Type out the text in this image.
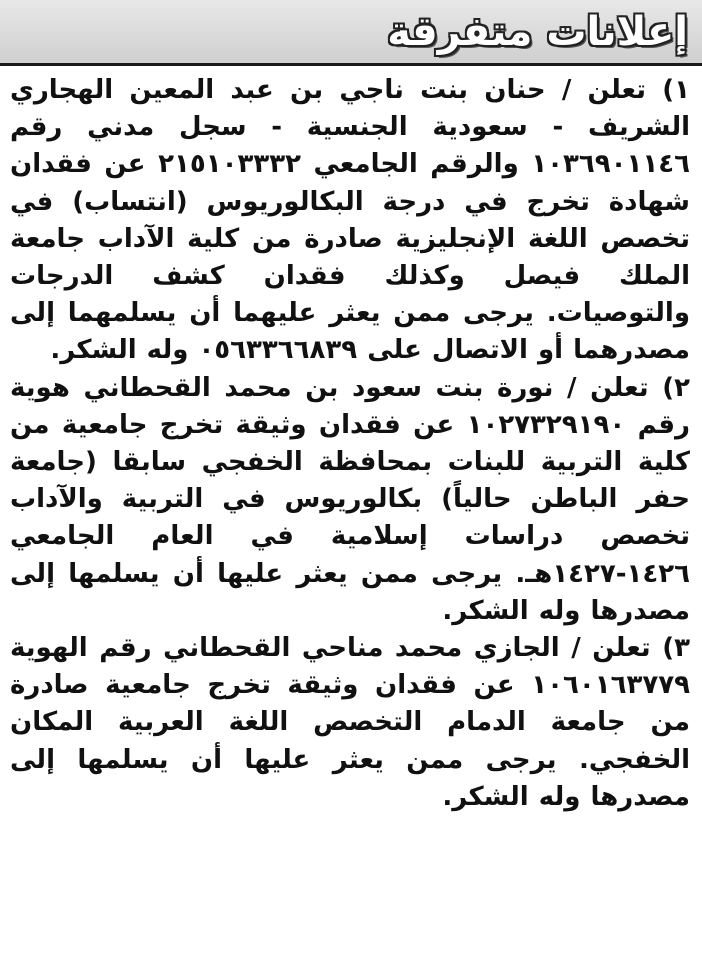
إعلانات متفرقة

١) تعلن / حنان بنت ناجي بن عبد المعين الهجاري الشريف - سعودية الجنسية - سجل مدني رقم ١٠٣٦٩٠١١٤٦ والرقم الجامعي ٢١٥١٠٣٣٣٢ عن فقدان شهادة تخرج في درجة البكالوريوس (انتساب) في تخصص اللغة الإنجليزية صادرة من كلية الآداب جامعة الملك فيصل وكذلك فقدان كشف الدرجات والتوصيات. يرجى ممن يعثر عليهما أن يسلمهما إلى مصدرهما أو الاتصال على ٠٥٦٣٣٦٦٨٣٩ وله الشكر.

٢) تعلن / نورة بنت سعود بن محمد القحطاني هوية رقم ١٠٢٧٣٢٩١٩٠ عن فقدان وثيقة تخرج جامعية من كلية التربية للبنات بمحافظة الخفجي سابقا (جامعة حفر الباطن حالياً) بكالوريوس في التربية والآداب تخصص دراسات إسلامية في العام الجامعي ١٤٢٦-١٤٢٧هـ. يرجى ممن يعثر عليها أن يسلمها إلى مصدرها وله الشكر.

٣) تعلن / الجازي محمد مناحي القحطاني رقم الهوية ١٠٦٠١٦٣٧٧٩ عن فقدان وثيقة تخرج جامعية صادرة من جامعة الدمام التخصص اللغة العربية المكان الخفجي. يرجى ممن يعثر عليها أن يسلمها إلى مصدرها وله الشكر.
